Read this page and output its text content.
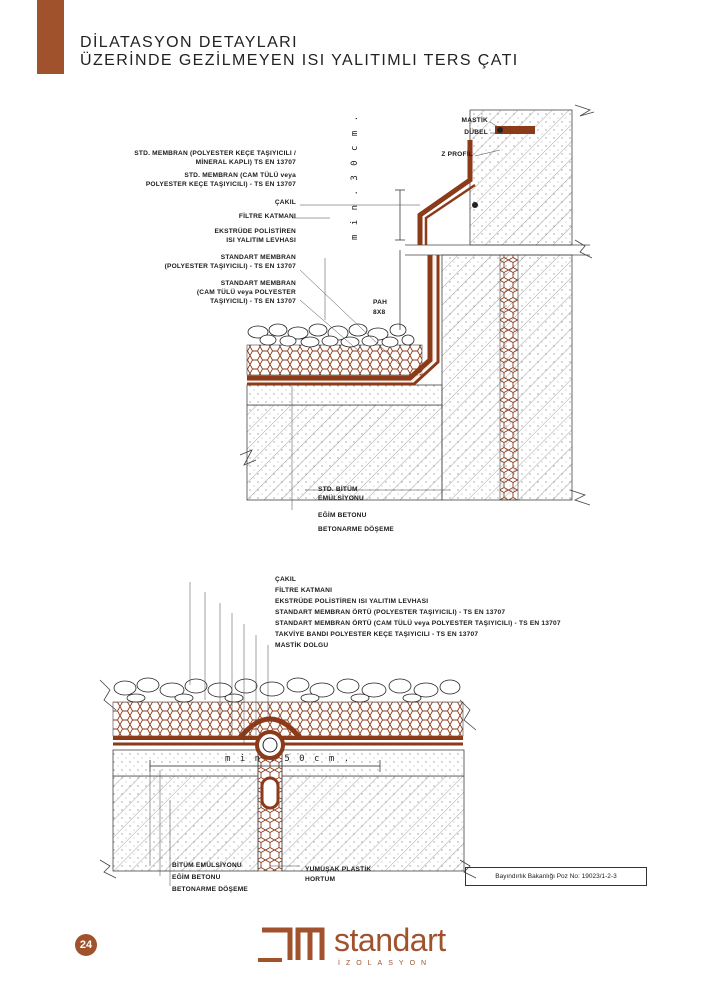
DİLATASYON DETAYLARI
ÜZERİNDE GEZİLMEYEN ISI YALITIMLI TERS ÇATI
STD. MEMBRAN (POLYESTER KEÇE TAŞIYICILI /
MİNERAL KAPLI) TS EN 13707
STD. MEMBRAN (CAM TÜLÜ veya
POLYESTER KEÇE TAŞIYICILI) - TS EN 13707
ÇAKIL
FİLTRE KATMANI
EKSTRÜDE POLİSTİREN
ISI YALITIM LEVHASI
STANDART MEMBRAN
(POLYESTER TAŞIYICILI) - TS EN 13707
STANDART MEMBRAN
(CAM TÜLÜ veya POLYESTER
TAŞIYICILI) - TS EN 13707
MASTİK
DÜBEL
Z PROFİL
PAH
8X8
m i n . 3 0 c m .
STD. BİTÜM
EMÜLSİYONU
EĞİM BETONU
BETONARME DÖŞEME
ÇAKIL
FİLTRE KATMANI
EKSTRÜDE POLİSTİREN ISI YALITIM LEVHASI
STANDART MEMBRAN ÖRTÜ (POLYESTER TAŞIYICILI) - TS EN 13707
STANDART MEMBRAN ÖRTÜ (CAM TÜLÜ veya POLYESTER TAŞIYICILI) - TS EN 13707
TAKVİYE BANDI POLYESTER KEÇE TAŞIYICILI - TS EN 13707
MASTİK DOLGU
m i n . 5 0 c m .
BİTÜM EMÜLSİYONU
EĞİM BETONU
BETONARME DÖŞEME
YUMUŞAK PLASTİK
HORTUM	Bayındırlık Bakanlığı Poz No: 19023/1-2-3
24	standart
İZOLASYON
